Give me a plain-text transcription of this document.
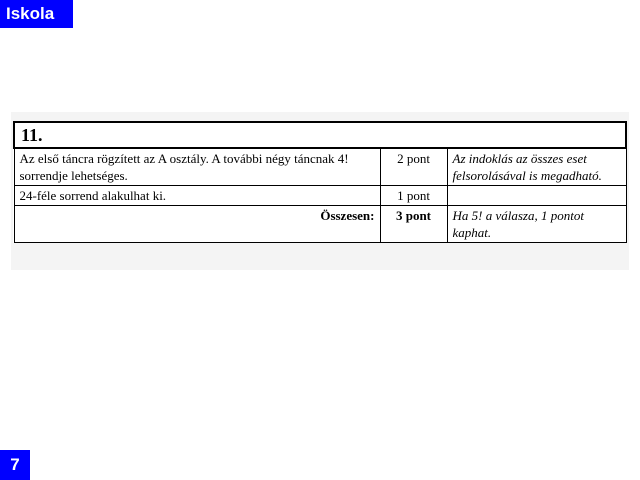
Iskola
11.		
Az első táncra rögzített az A osztály. A további négy táncnak 4! sorrendje lehetséges.	2 pont	Az indoklás az összes eset felsorolásával is megadható.
24-féle sorrend alakulhat ki.	1 pont	
Összesen:	3 pont	Ha 5! a válasza, 1 pontot kaphat.
7
